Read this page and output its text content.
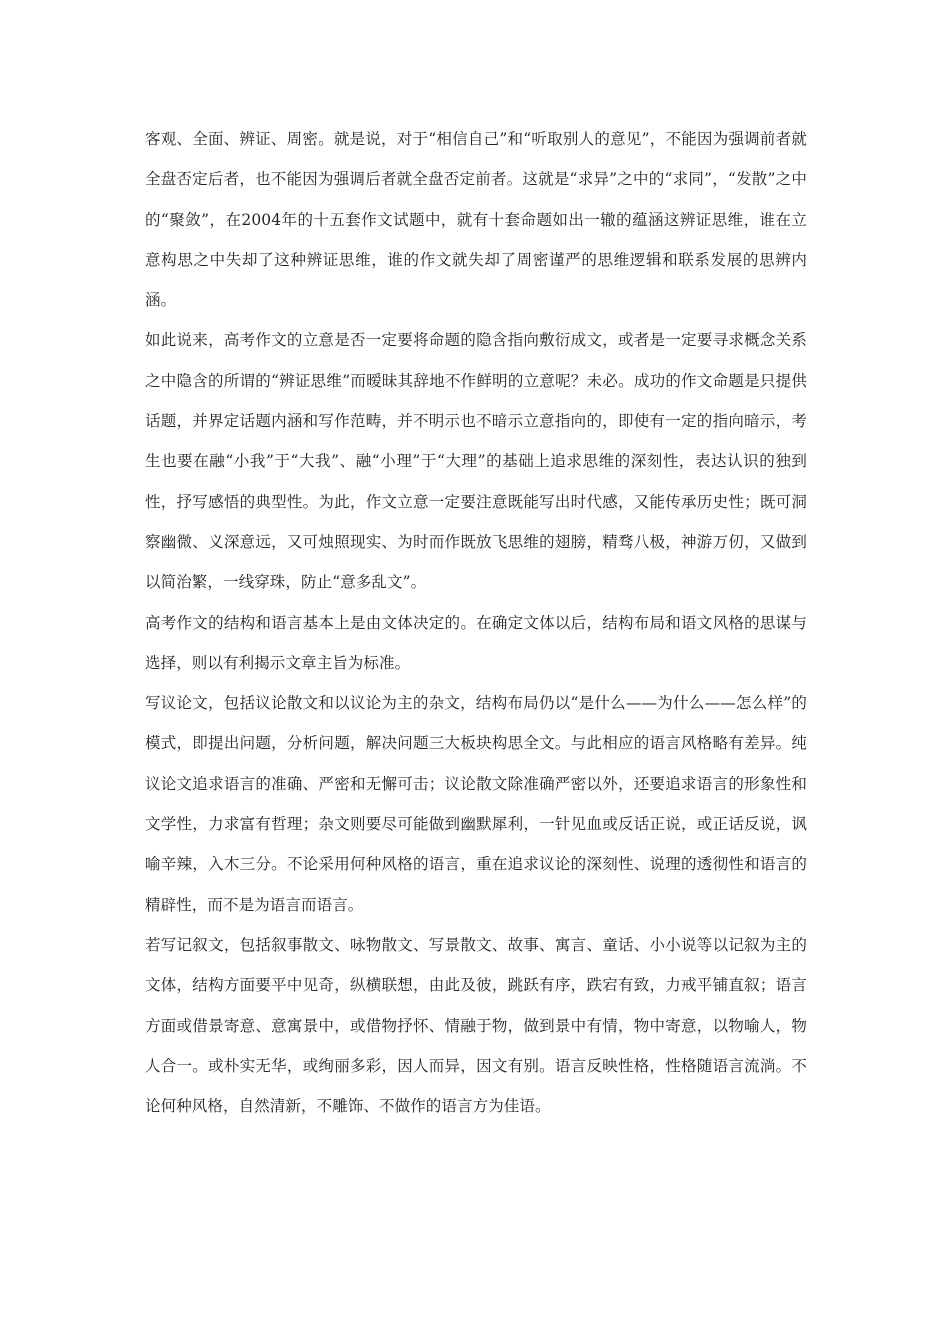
客观、全面、辨证、周密。就是说，对于“相信自己”和“听取别人的意见”，不能因为强调前者就全盘否定后者，也不能因为强调后者就全盘否定前者。这就是“求异”之中的“求同”，“发散”之中的“聚敛”，在2004年的十五套作文试题中，就有十套命题如出一辙的蕴涵这辨证思维，谁在立意构思之中失却了这种辨证思维，谁的作文就失却了周密谨严的思维逻辑和联系发展的思辨内涵。

如此说来，高考作文的立意是否一定要将命题的隐含指向敷衍成文，或者是一定要寻求概念关系之中隐含的所谓的“辨证思维”而暧昧其辞地不作鲜明的立意呢？未必。成功的作文命题是只提供话题，并界定话题内涵和写作范畴，并不明示也不暗示立意指向的，即使有一定的指向暗示，考生也要在融“小我”于“大我”、融“小理”于“大理”的基础上追求思维的深刻性，表达认识的独到性，抒写感悟的典型性。为此，作文立意一定要注意既能写出时代感，又能传承历史性；既可洞察幽微、义深意远，又可烛照现实、为时而作既放飞思维的翅膀，精骛八极，神游万仞，又做到以简治繁，一线穿珠，防止“意多乱文”。

高考作文的结构和语言基本上是由文体决定的。在确定文体以后，结构布局和语文风格的思谋与选择，则以有利揭示文章主旨为标准。

写议论文，包括议论散文和以议论为主的杂文，结构布局仍以“是什么——为什么——怎么样”的模式，即提出问题，分析问题，解决问题三大板块构思全文。与此相应的语言风格略有差异。纯议论文追求语言的准确、严密和无懈可击；议论散文除准确严密以外，还要追求语言的形象性和文学性，力求富有哲理；杂文则要尽可能做到幽默犀利，一针见血或反话正说，或正话反说，讽喻辛辣，入木三分。不论采用何种风格的语言，重在追求议论的深刻性、说理的透彻性和语言的精辟性，而不是为语言而语言。

若写记叙文，包括叙事散文、咏物散文、写景散文、故事、寓言、童话、小小说等以记叙为主的文体，结构方面要平中见奇，纵横联想，由此及彼，跳跃有序，跌宕有致，力戒平铺直叙；语言方面或借景寄意、意寓景中，或借物抒怀、情融于物，做到景中有情，物中寄意，以物喻人，物人合一。或朴实无华，或绚丽多彩，因人而异，因文有别。语言反映性格，性格随语言流淌。不论何种风格，自然清新，不雕饰、不做作的语言方为佳语。
